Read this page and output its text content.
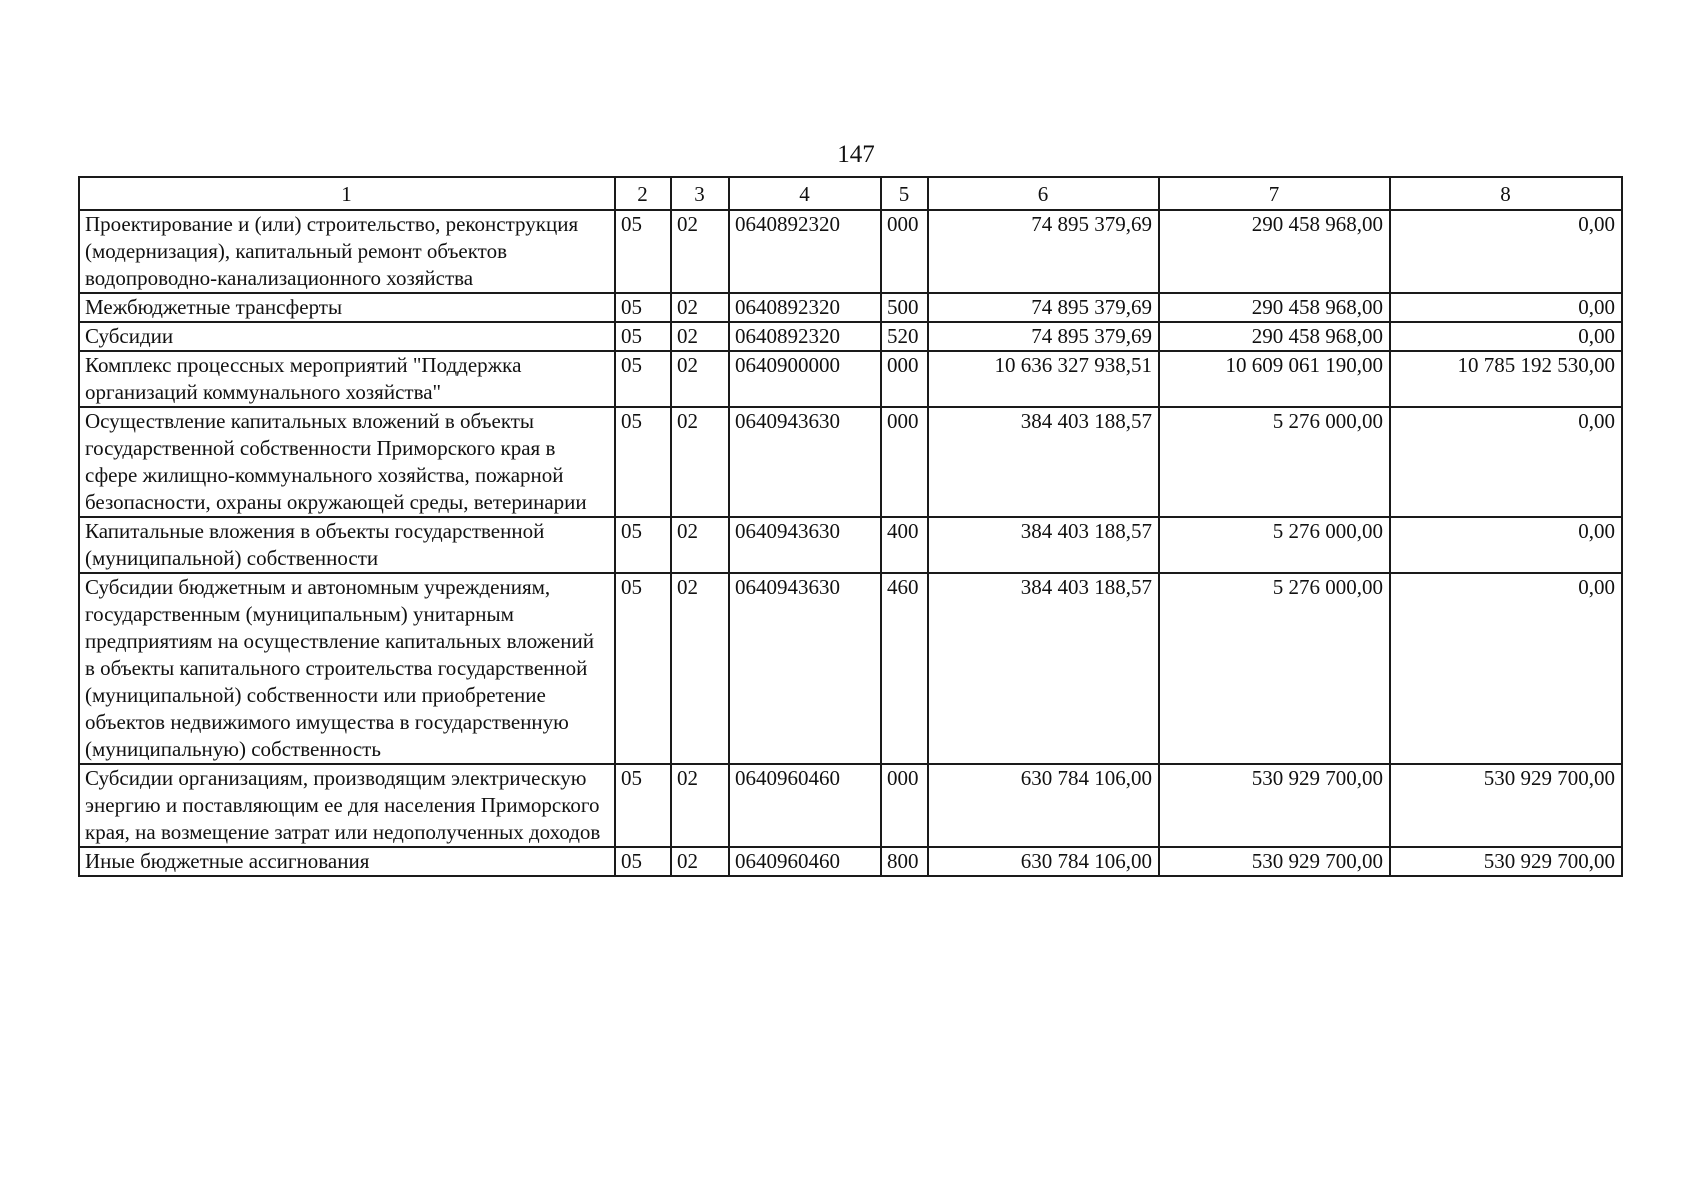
147
1	2	3	4	5	6	7	8
Проектирование и (или) строительство, реконструкция (модернизация), капитальный ремонт объектов водопроводно-канализационного хозяйства	05	02	0640892320	000	74 895 379,69	290 458 968,00	0,00
Межбюджетные трансферты	05	02	0640892320	500	74 895 379,69	290 458 968,00	0,00
Субсидии	05	02	0640892320	520	74 895 379,69	290 458 968,00	0,00
Комплекс процессных мероприятий "Поддержка организаций коммунального хозяйства"	05	02	0640900000	000	10 636 327 938,51	10 609 061 190,00	10 785 192 530,00
Осуществление капитальных вложений в объекты государственной собственности Приморского края в сфере жилищно-коммунального хозяйства, пожарной безопасности, охраны окружающей среды, ветеринарии	05	02	0640943630	000	384 403 188,57	5 276 000,00	0,00
Капитальные вложения в объекты государственной (муниципальной) собственности	05	02	0640943630	400	384 403 188,57	5 276 000,00	0,00
Субсидии бюджетным и автономным учреждениям, государственным (муниципальным) унитарным предприятиям на осуществление капитальных вложений в объекты капитального строительства государственной (муниципальной) собственности или приобретение объектов недвижимого имущества в государственную (муниципальную) собственность	05	02	0640943630	460	384 403 188,57	5 276 000,00	0,00
Субсидии организациям, производящим электрическую энергию и поставляющим ее для населения Приморского края, на возмещение затрат или недополученных доходов	05	02	0640960460	000	630 784 106,00	530 929 700,00	530 929 700,00
Иные бюджетные ассигнования	05	02	0640960460	800	630 784 106,00	530 929 700,00	530 929 700,00
